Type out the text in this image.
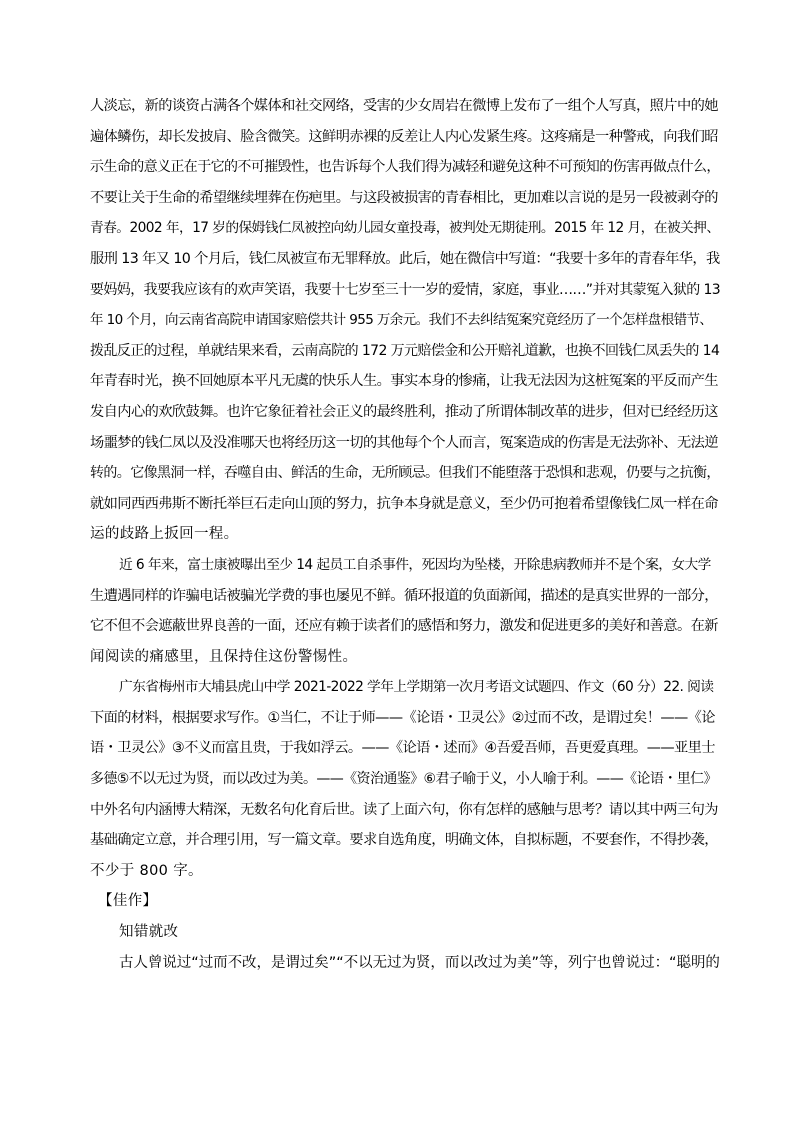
人淡忘，新的谈资占满各个媒体和社交网络，受害的少女周岩在微博上发布了一组个人写真，照片中的她
遍体鳞伤，却长发披肩、脸含微笑。这鲜明赤裸的反差让人内心发紧生疼。这疼痛是一种警戒，向我们昭
示生命的意义正在于它的不可摧毁性，也告诉每个人我们得为减轻和避免这种不可预知的伤害再做点什么，
不要让关于生命的希望继续埋葬在伤疤里。与这段被损害的青春相比，更加难以言说的是另一段被剥夺的
青春。2002 年，17 岁的保姆钱仁凤被控向幼儿园女童投毒，被判处无期徒刑。2015 年 12 月，在被关押、
服刑 13 年又 10 个月后，钱仁凤被宣布无罪释放。此后，她在微信中写道：“我要十多年的青春年华，我
要妈妈，我要我应该有的欢声笑语，我要十七岁至三十一岁的爱情，家庭，事业……”并对其蒙冤入狱的 13
年 10 个月，向云南省高院申请国家赔偿共计 955 万余元。我们不去纠结冤案究竟经历了一个怎样盘根错节、
拨乱反正的过程，单就结果来看，云南高院的 172 万元赔偿金和公开赔礼道歉，也换不回钱仁凤丢失的 14
年青春时光，换不回她原本平凡无虞的快乐人生。事实本身的惨痛，让我无法因为这桩冤案的平反而产生
发自内心的欢欣鼓舞。也许它象征着社会正义的最终胜利，推动了所谓体制改革的进步，但对已经经历这
场噩梦的钱仁凤以及没准哪天也将经历这一切的其他每个个人而言，冤案造成的伤害是无法弥补、无法逆
转的。它像黑洞一样，吞噬自由、鲜活的生命，无所顾忌。但我们不能堕落于恐惧和悲观，仍要与之抗衡，
就如同西西弗斯不断托举巨石走向山顶的努力，抗争本身就是意义，至少仍可抱着希望像钱仁凤一样在命
运的歧路上扳回一程。
近 6 年来，富士康被曝出至少 14 起员工自杀事件，死因均为坠楼，开除患病教师并不是个案，女大学
生遭遇同样的诈骗电话被骗光学费的事也屡见不鲜。循环报道的负面新闻，描述的是真实世界的一部分，
它不但不会遮蔽世界良善的一面，还应有赖于读者们的感悟和努力，激发和促进更多的美好和善意。在新
闻阅读的痛感里，且保持住这份警惕性。
广东省梅州市大埔县虎山中学 2021-2022 学年上学期第一次月考语文试题四、作文（60 分）22. 阅读
下面的材料，根据要求写作。①当仁，不让于师——《论语・卫灵公》②过而不改，是谓过矣！——《论
语・卫灵公》③不义而富且贵，于我如浮云。——《论语・述而》④吾爱吾师，吾更爱真理。——亚里士
多德⑤不以无过为贤，而以改过为美。——《资治通鉴》⑥君子喻于义，小人喻于利。——《论语・里仁》
中外名句内涵博大精深，无数名句化育后世。读了上面六句，你有怎样的感触与思考？请以其中两三句为
基础确定立意，并合理引用，写一篇文章。要求自选角度，明确文体，自拟标题，不要套作，不得抄袭，
不少于 800 字。
【佳作】
知错就改
古人曾说过“过而不改，是谓过矣”“不以无过为贤，而以改过为美”等，列宁也曾说过：“聪明的
